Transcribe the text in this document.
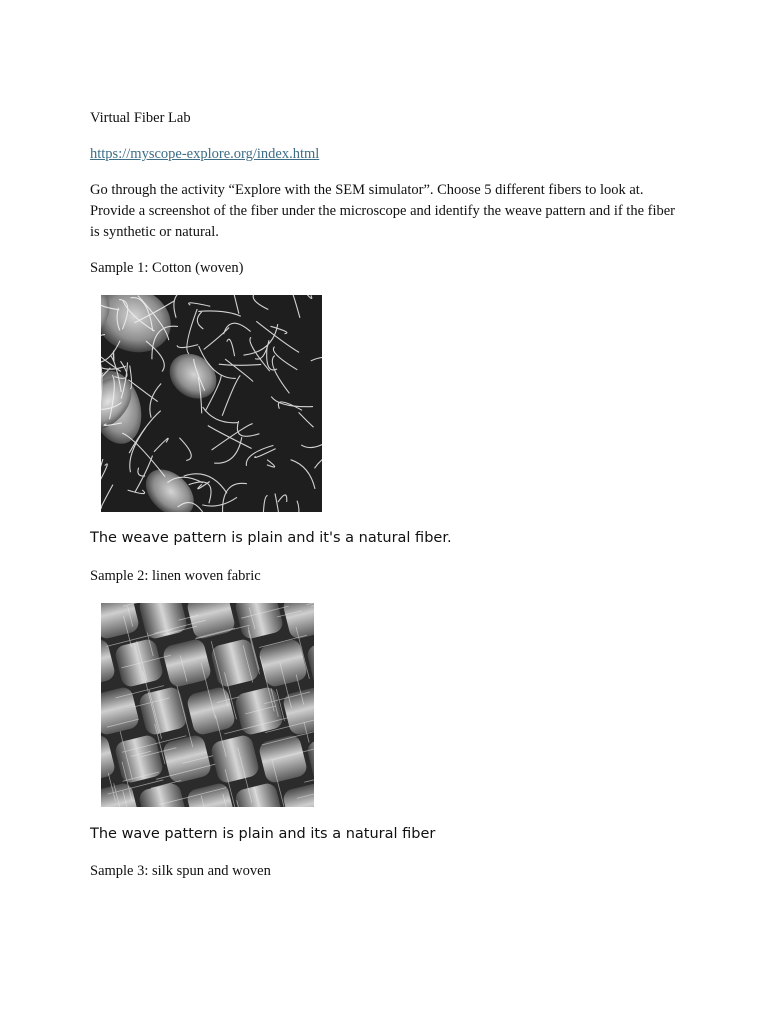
Virtual Fiber Lab

https://myscope-explore.org/index.html

Go through the activity “Explore with the SEM simulator”. Choose 5 different fibers to look at. Provide a screenshot of the fiber under the microscope and identify the weave pattern and if the fiber is synthetic or natural.

Sample 1: Cotton (woven)

The weave pattern is plain and it's a natural fiber.

Sample 2: linen woven fabric

The wave pattern is plain and its a natural fiber

Sample 3: silk spun and woven
